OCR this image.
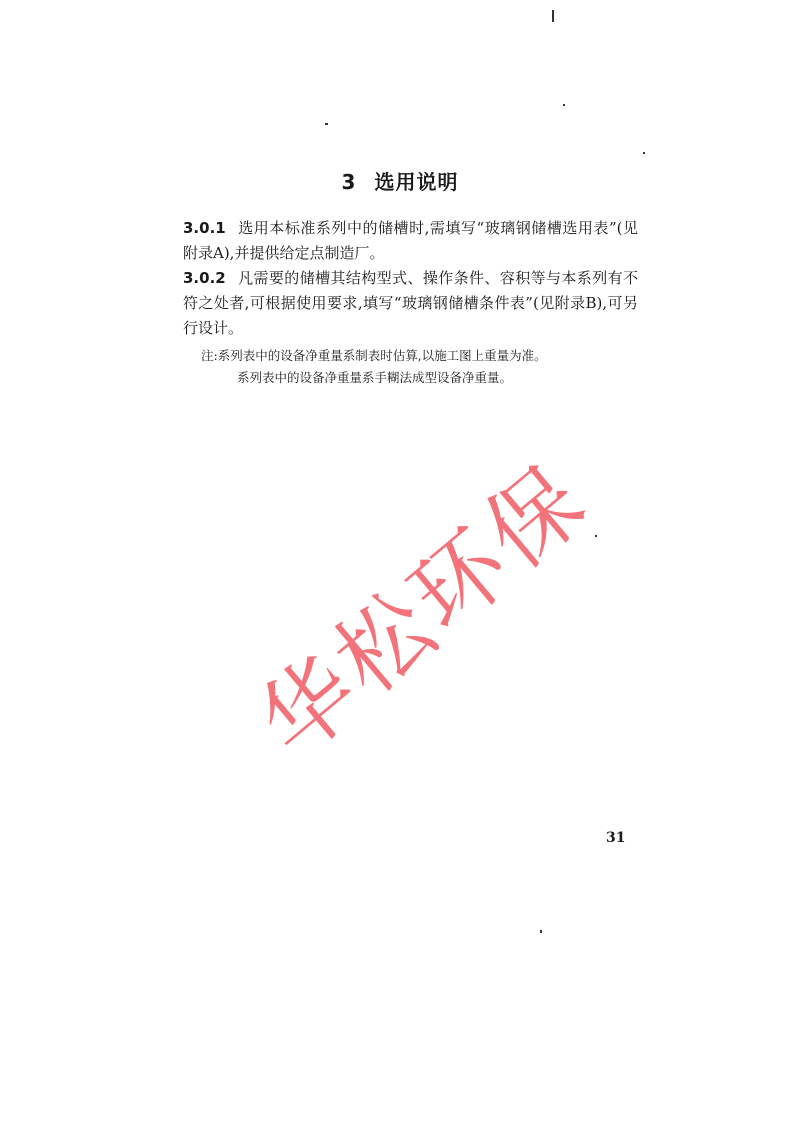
3 选用说明

3.0.1 选用本标准系列中的储槽时,需填写“玻璃钢储槽选用表”(见附录A),并提供给定点制造厂。

3.0.2 凡需要的储槽其结构型式、操作条件、容积等与本系列有不符之处者,可根据使用要求,填写“玻璃钢储槽条件表”(见附录B),可另行设计。

注:系列表中的设备净重量系制表时估算,以施工图上重量为准。

系列表中的设备净重量系手糊法成型设备净重量。

华松环保
31
